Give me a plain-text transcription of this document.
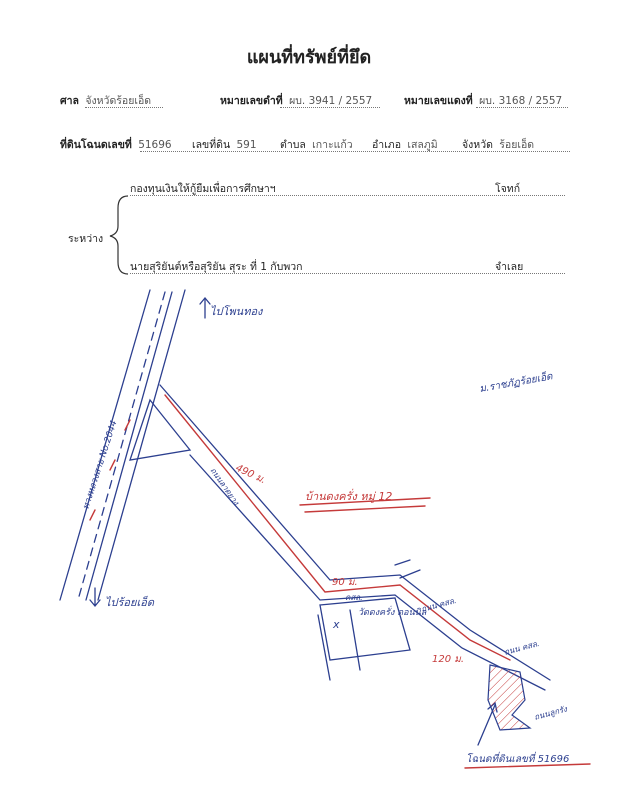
แผนที่ทรัพย์ที่ยึด
ศาล จังหวัดร้อยเอ็ด	หมายเลขดำที่ ผบ. 3941 / 2557	หมายเลขแดงที่ ผบ. 3168 / 2557
ที่ดินโฉนดเลขที่ 51696 เลขที่ดิน 591 ตำบล เกาะแก้ว อำเภอ เสลภูมิ จังหวัด ร้อยเอ็ด
กองทุนเงินให้กู้ยืมเพื่อการศึกษาฯ	โจทก์
ระหว่าง
นายสุริยันต์หรือสุริยัน สุระ ที่ 1 กับพวก	จำเลย
ไปโพนทอง
ทางหลวงสาย No.2044
ไปร้อยเอ็ด
ม.ราชภัฏร้อยเอ็ด
ถนนลาดยาง
490 ม.
บ้านดงครั่ง หมู่ 12
90 ม.
คสล.
วัดดงครั่ง ดอนนิล
x
ถนน คสล.
120 ม.
ถนน คสล.
ถนนลูกรัง
โฉนดที่ดินเลขที่ 51696
